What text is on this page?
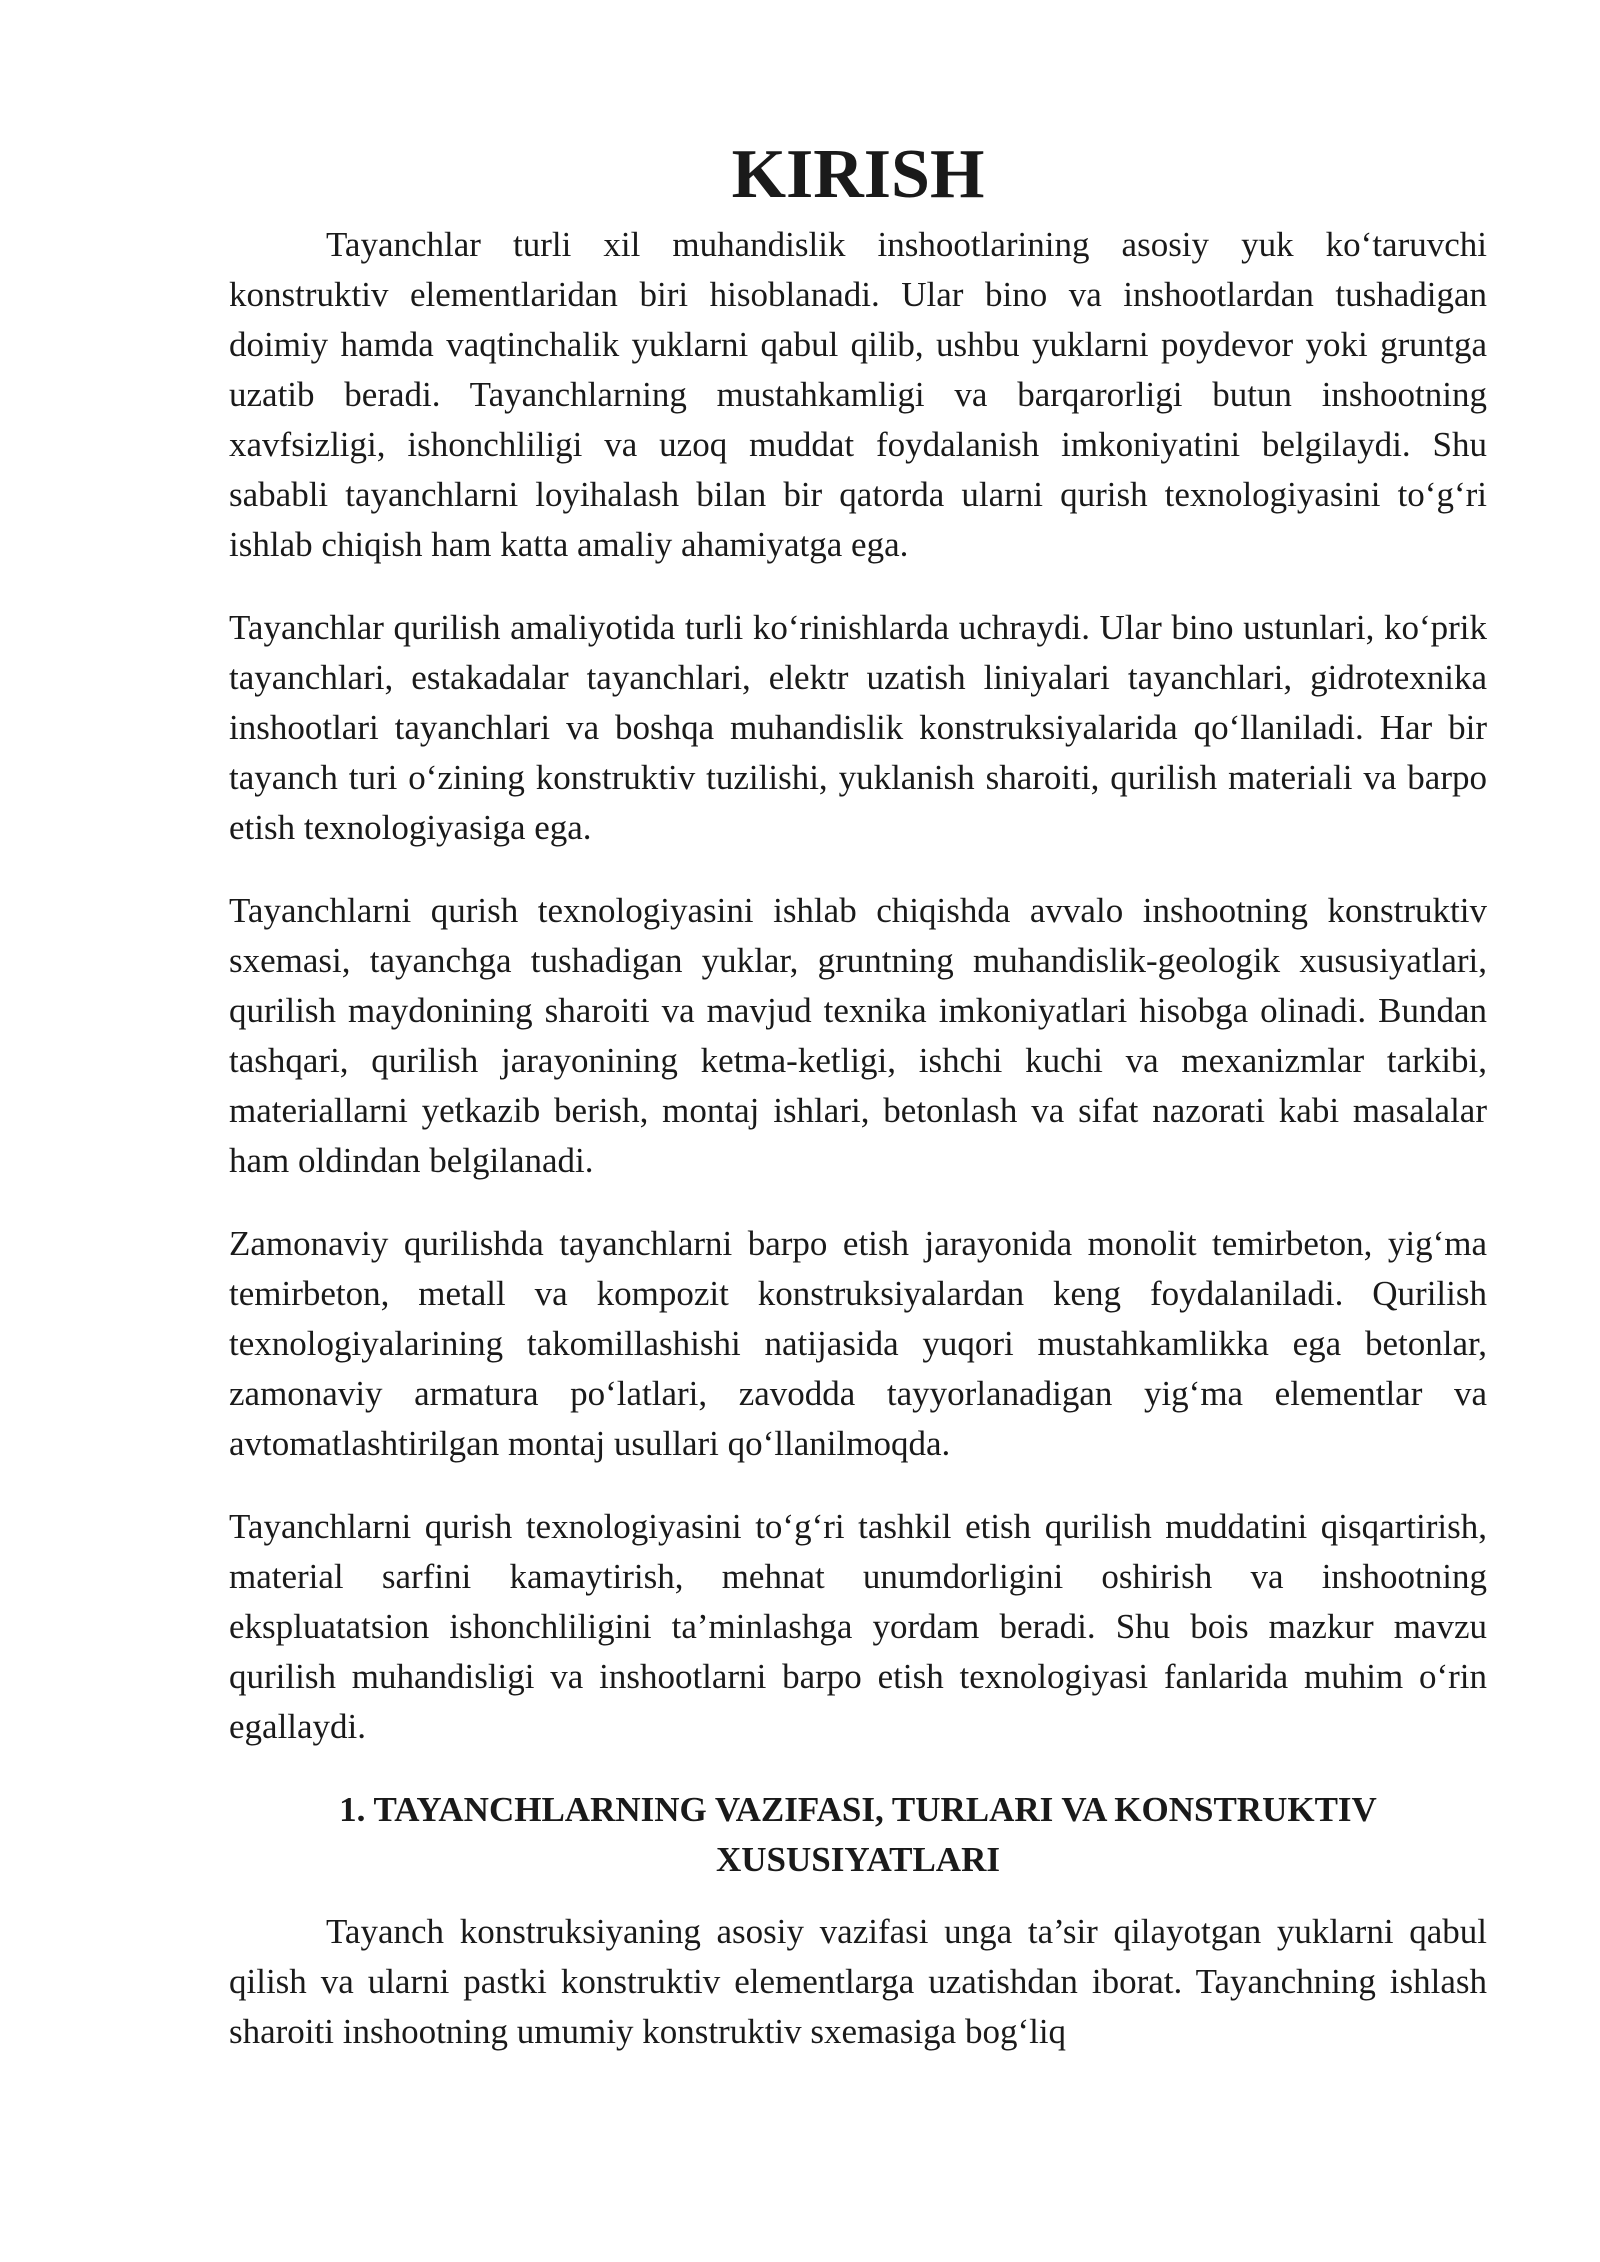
KIRISH

Tayanchlar turli xil muhandislik inshootlarining asosiy yuk ko‘taruvchi konstruktiv elementlaridan biri hisoblanadi. Ular bino va inshootlardan tushadigan doimiy hamda vaqtinchalik yuklarni qabul qilib, ushbu yuklarni poydevor yoki gruntga uzatib beradi. Tayanchlarning mustahkamligi va barqarorligi butun inshootning xavfsizligi, ishonchliligi va uzoq muddat foydalanish imkoniyatini belgilaydi. Shu sababli tayanchlarni loyihalash bilan bir qatorda ularni qurish texnologiyasini to‘g‘ri ishlab chiqish ham katta amaliy ahamiyatga ega.

Tayanchlar qurilish amaliyotida turli ko‘rinishlarda uchraydi. Ular bino ustunlari, ko‘prik tayanchlari, estakadalar tayanchlari, elektr uzatish liniyalari tayanchlari, gidrotexnika inshootlari tayanchlari va boshqa muhandislik konstruksiyalarida qo‘llaniladi. Har bir tayanch turi o‘zining konstruktiv tuzilishi, yuklanish sharoiti, qurilish materiali va barpo etish texnologiyasiga ega.

Tayanchlarni qurish texnologiyasini ishlab chiqishda avvalo inshootning konstruktiv sxemasi, tayanchga tushadigan yuklar, gruntning muhandislik-geologik xususiyatlari, qurilish maydonining sharoiti va mavjud texnika imkoniyatlari hisobga olinadi. Bundan tashqari, qurilish jarayonining ketma-ketligi, ishchi kuchi va mexanizmlar tarkibi, materiallarni yetkazib berish, montaj ishlari, betonlash va sifat nazorati kabi masalalar ham oldindan belgilanadi.

Zamonaviy qurilishda tayanchlarni barpo etish jarayonida monolit temirbeton, yig‘ma temirbeton, metall va kompozit konstruksiyalardan keng foydalaniladi. Qurilish texnologiyalarining takomillashishi natijasida yuqori mustahkamlikka ega betonlar, zamonaviy armatura po‘latlari, zavodda tayyorlanadigan yig‘ma elementlar va avtomatlashtirilgan montaj usullari qo‘llanilmoqda.

Tayanchlarni qurish texnologiyasini to‘g‘ri tashkil etish qurilish muddatini qisqartirish, material sarfini kamaytirish, mehnat unumdorligini oshirish va inshootning ekspluatatsion ishonchliligini ta’minlashga yordam beradi. Shu bois mazkur mavzu qurilish muhandisligi va inshootlarni barpo etish texnologiyasi fanlarida muhim o‘rin egallaydi.

1. TAYANCHLARNING VAZIFASI, TURLARI VA KONSTRUKTIV
XUSUSIYATLARI

Tayanch konstruksiyaning asosiy vazifasi unga ta’sir qilayotgan yuklarni qabul qilish va ularni pastki konstruktiv elementlarga uzatishdan iborat. Tayanchning ishlash sharoiti inshootning umumiy konstruktiv sxemasiga bog‘liq
